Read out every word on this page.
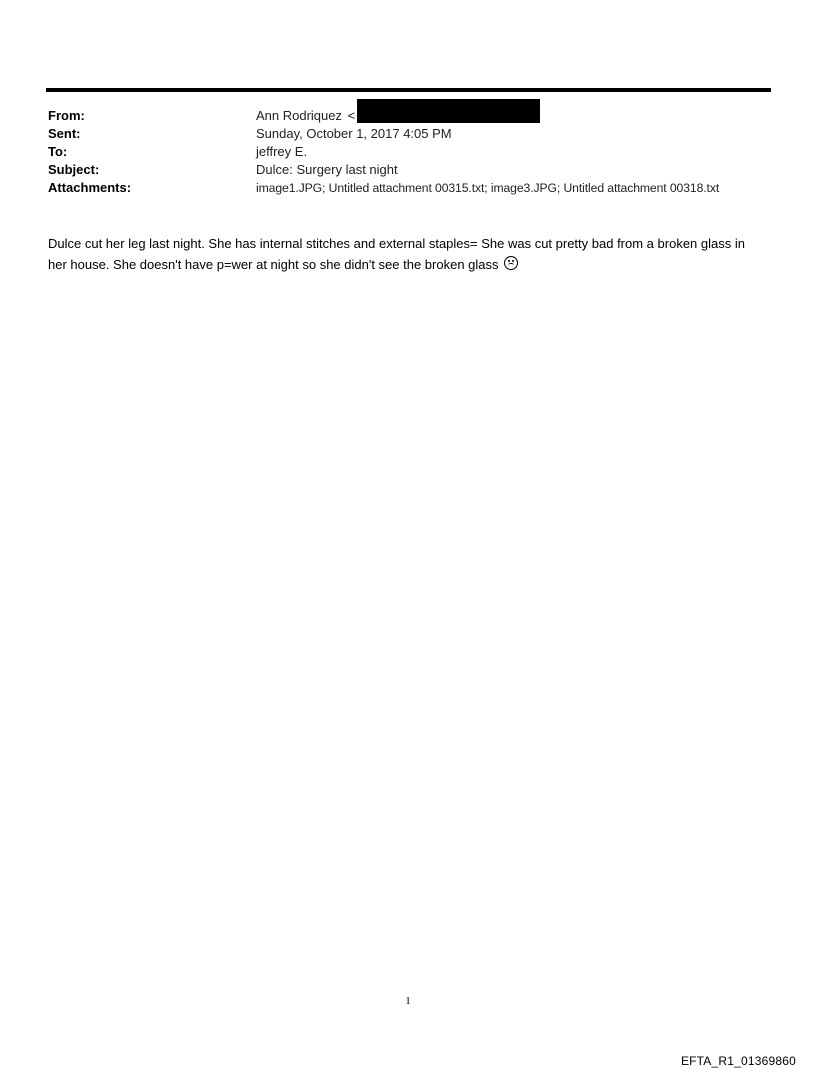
From:	Ann Rodriquez <
Sent:	Sunday, October 1, 2017 4:05 PM
To:	jeffrey E.
Subject:	Dulce: Surgery last night
Attachments:	image1.JPG; Untitled attachment 00315.txt; image3.JPG; Untitled attachment 00318.txt
Dulce cut her leg last night. She has internal stitches and external staples= She was cut pretty bad from a broken glass in
her house. She doesn't have p=wer at night so she didn't see the broken glass
1
EFTA_R1_01369860
